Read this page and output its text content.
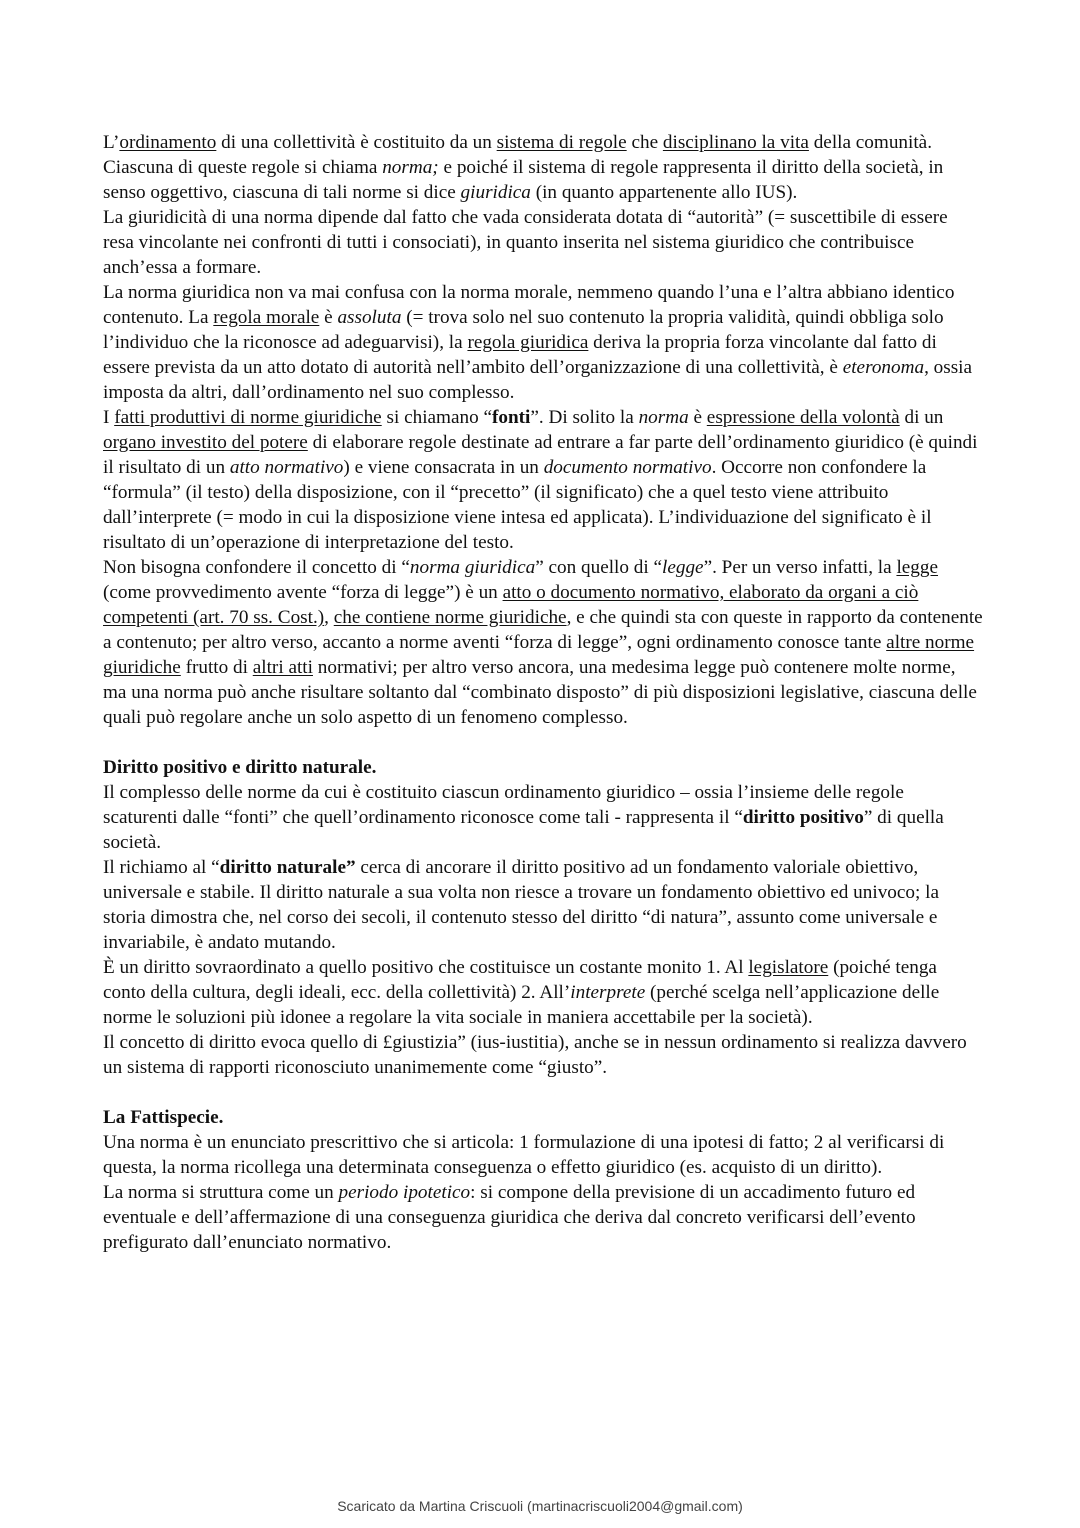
L’ordinamento di una collettività è costituito da un sistema di regole che disciplinano la vita della comunità. Ciascuna di queste regole si chiama norma; e poiché il sistema di regole rappresenta il diritto della società, in senso oggettivo, ciascuna di tali norme si dice giuridica (in quanto appartenente allo IUS).

La giuridicità di una norma dipende dal fatto che vada considerata dotata di “autorità” (= suscettibile di essere resa vincolante nei confronti di tutti i consociati), in quanto inserita nel sistema giuridico che contribuisce anch’essa a formare.

La norma giuridica non va mai confusa con la norma morale, nemmeno quando l’una e l’altra abbiano identico contenuto. La regola morale è assoluta (= trova solo nel suo contenuto la propria validità, quindi obbliga solo l’individuo che la riconosce ad adeguarvisi), la regola giuridica deriva la propria forza vincolante dal fatto di essere prevista da un atto dotato di autorità nell’ambito dell’organizzazione di una collettività, è eteronoma, ossia imposta da altri, dall’ordinamento nel suo complesso.

I fatti produttivi di norme giuridiche si chiamano “fonti”. Di solito la norma è espressione della volontà di un organo investito del potere di elaborare regole destinate ad entrare a far parte dell’ordinamento giuridico (è quindi il risultato di un atto normativo) e viene consacrata in un documento normativo. Occorre non confondere la “formula” (il testo) della disposizione, con il “precetto” (il significato) che a quel testo viene attribuito dall’interprete (= modo in cui la disposizione viene intesa ed applicata). L’individuazione del significato è il risultato di un’operazione di interpretazione del testo.

Non bisogna confondere il concetto di “norma giuridica” con quello di “legge”. Per un verso infatti, la legge (come provvedimento avente “forza di legge”) è un atto o documento normativo, elaborato da organi a ciò competenti (art. 70 ss. Cost.), che contiene norme giuridiche, e che quindi sta con queste in rapporto da contenente a contenuto; per altro verso, accanto a norme aventi “forza di legge”, ogni ordinamento conosce tante altre norme giuridiche frutto di altri atti normativi; per altro verso ancora, una medesima legge può contenere molte norme, ma una norma può anche risultare soltanto dal “combinato disposto” di più disposizioni legislative, ciascuna delle quali può regolare anche un solo aspetto di un fenomeno complesso.

Diritto positivo e diritto naturale.

Il complesso delle norme da cui è costituito ciascun ordinamento giuridico – ossia l’insieme delle regole scaturenti dalle “fonti” che quell’ordinamento riconosce come tali - rappresenta il “diritto positivo” di quella società.

Il richiamo al “diritto naturale” cerca di ancorare il diritto positivo ad un fondamento valoriale obiettivo, universale e stabile. Il diritto naturale a sua volta non riesce a trovare un fondamento obiettivo ed univoco; la storia dimostra che, nel corso dei secoli, il contenuto stesso del diritto “di natura”, assunto come universale e invariabile, è andato mutando.

È un diritto sovraordinato a quello positivo che costituisce un costante monito 1. Al legislatore (poiché tenga conto della cultura, degli ideali, ecc. della collettività) 2. All’interprete (perché scelga nell’applicazione delle norme le soluzioni più idonee a regolare la vita sociale in maniera accettabile per la società).

Il concetto di diritto evoca quello di £giustizia” (ius-iustitia), anche se in nessun ordinamento si realizza davvero un sistema di rapporti riconosciuto unanimemente come “giusto”.

La Fattispecie.

Una norma è un enunciato prescrittivo che si articola: 1 formulazione di una ipotesi di fatto; 2 al verificarsi di questa, la norma ricollega una determinata conseguenza o effetto giuridico (es. acquisto di un diritto).

La norma si struttura come un periodo ipotetico: si compone della previsione di un accadimento futuro ed eventuale e dell’affermazione di una conseguenza giuridica che deriva dal concreto verificarsi dell’evento prefigurato dall’enunciato normativo.

Scaricato da Martina Criscuoli (martinacriscuoli2004@gmail.com)
